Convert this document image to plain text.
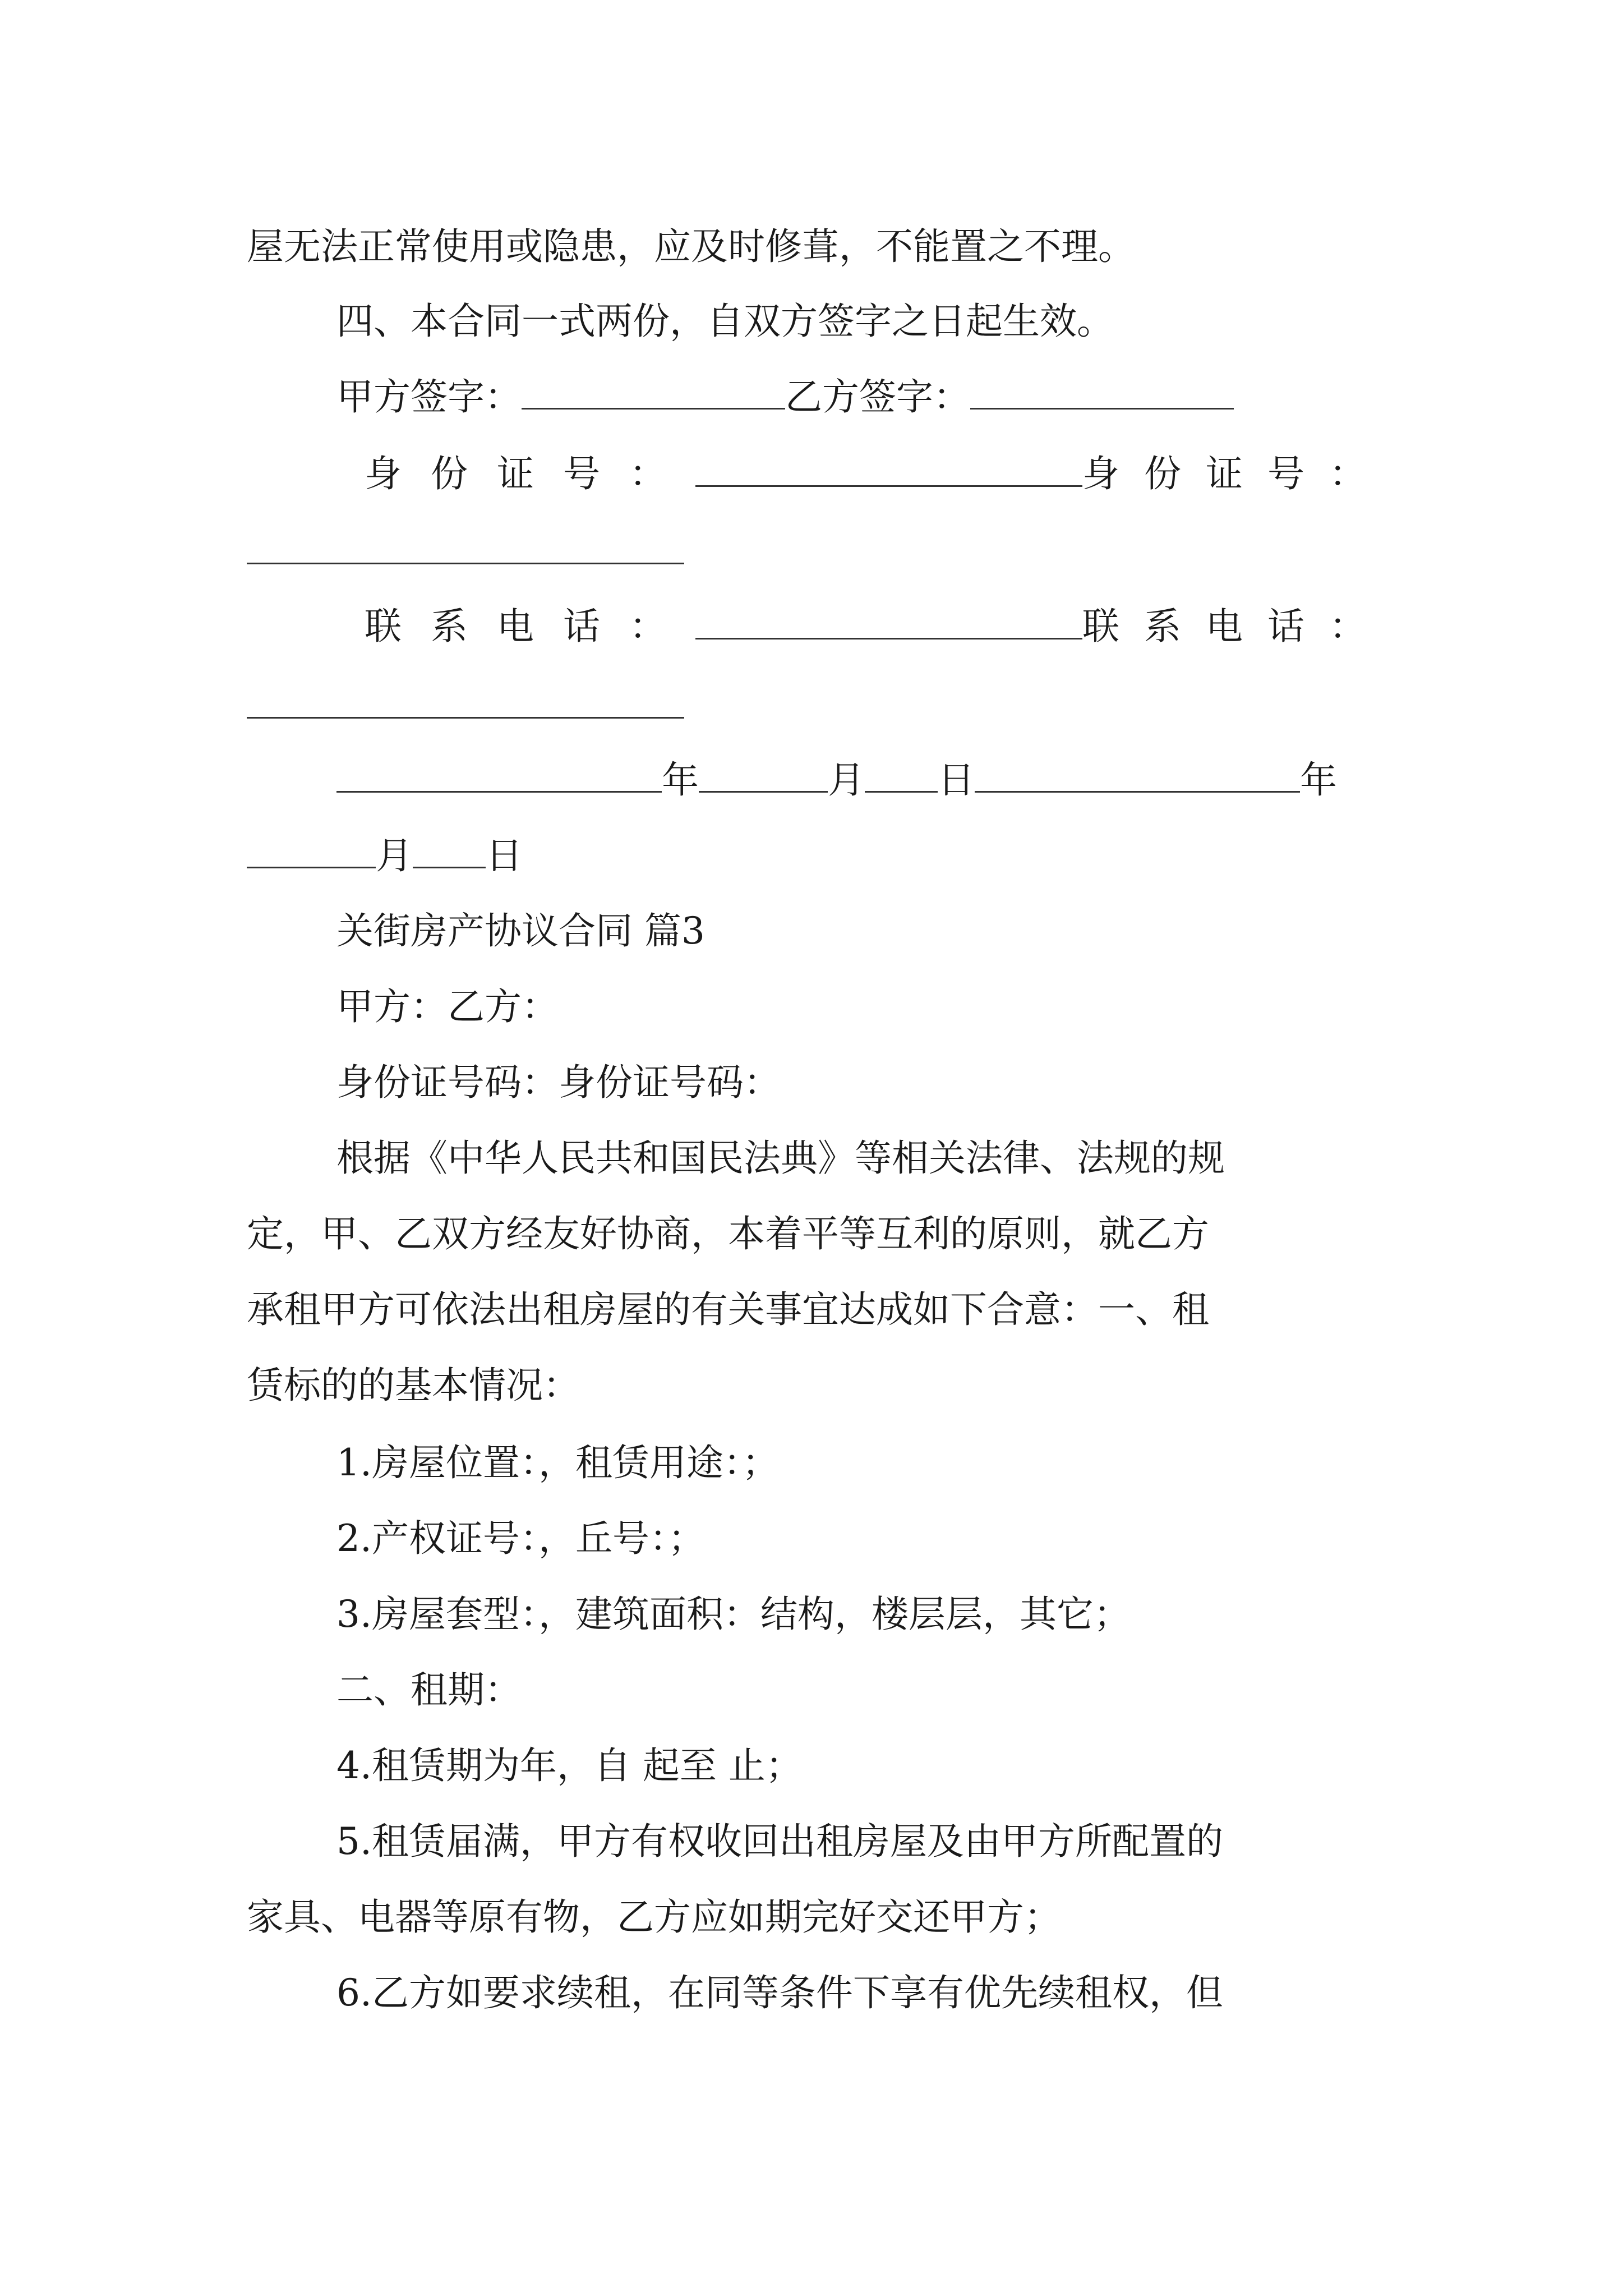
屋无法正常使用或隐患，应及时修葺，不能置之不理。
四、本合同一式两份，自双方签字之日起生效。
甲方签字：	乙方签字：
身份证号：	身份证号：
联系电话：	联系电话：
年	月 日	年
月 日
关街房产协议合同 篇3
甲方：乙方：
身份证号码：身份证号码：
根据《中华人民共和国民法典》等相关法律、法规的规
定，甲、乙双方经友好协商，本着平等互利的原则，就乙方
承租甲方可依法出租房屋的有关事宜达成如下合意：一、租
赁标的的基本情况：
1.房屋位置：，租赁用途：；
2.产权证号：，丘号：；
3.房屋套型：，建筑面积：结构，楼层层，其它；
二、租期：
4.租赁期为年，自 起至 止；
5.租赁届满，甲方有权收回出租房屋及由甲方所配置的
家具、电器等原有物，乙方应如期完好交还甲方；
6.乙方如要求续租，在同等条件下享有优先续租权，但
